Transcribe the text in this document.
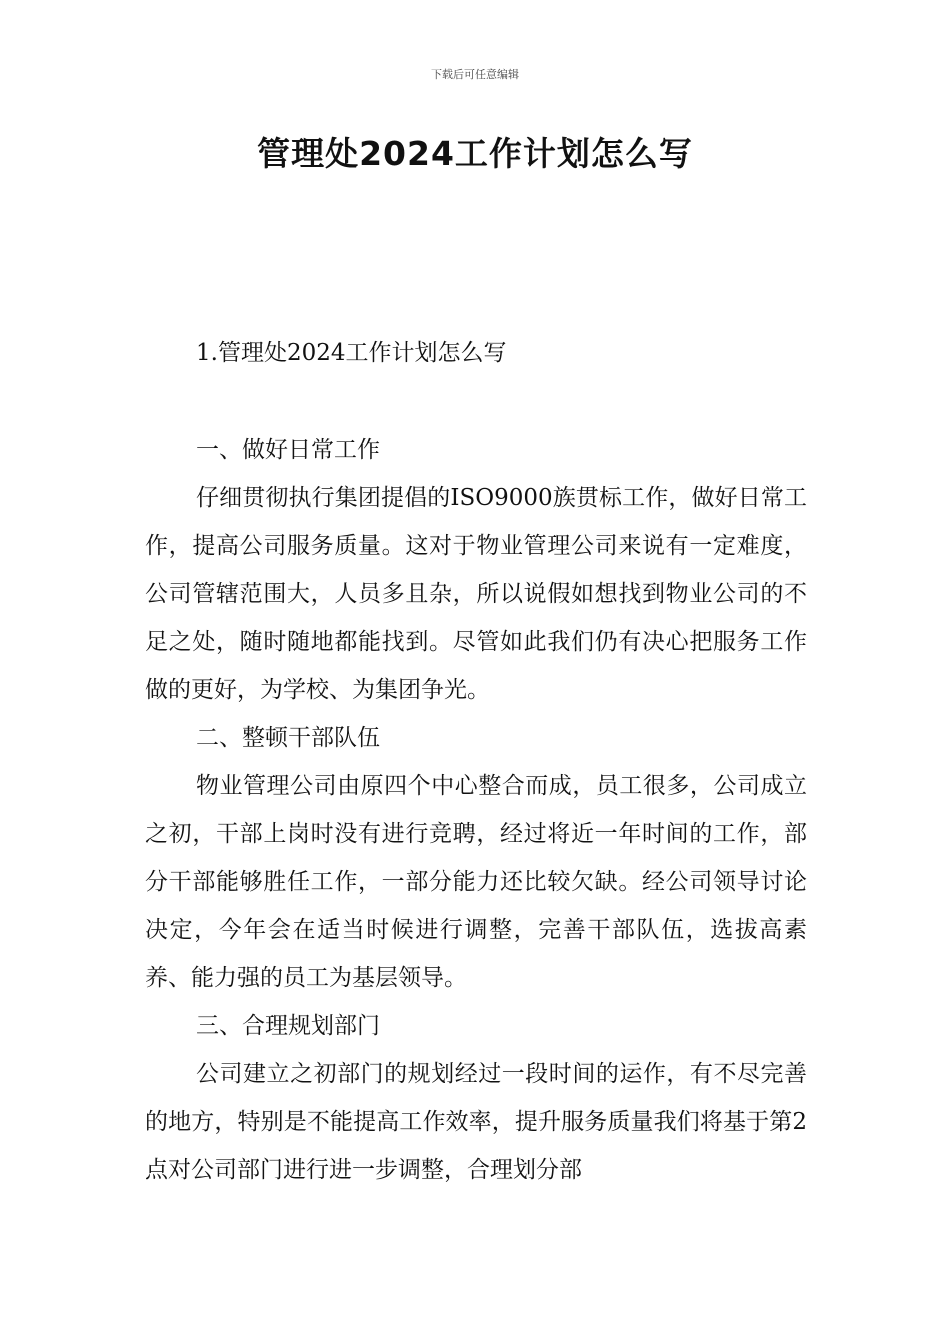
下载后可任意编辑
管理处2024工作计划怎么写
1.管理处2024工作计划怎么写

一、做好日常工作

仔细贯彻执行集团提倡的ISO9000族贯标工作，做好日常工作，提高公司服务质量。这对于物业管理公司来说有一定难度，公司管辖范围大，人员多且杂，所以说假如想找到物业公司的不足之处，随时随地都能找到。尽管如此我们仍有决心把服务工作做的更好，为学校、为集团争光。

二、整顿干部队伍

物业管理公司由原四个中心整合而成，员工很多，公司成立之初，干部上岗时没有进行竞聘，经过将近一年时间的工作，部分干部能够胜任工作，一部分能力还比较欠缺。经公司领导讨论决定，今年会在适当时候进行调整，完善干部队伍，选拔高素养、能力强的员工为基层领导。

三、合理规划部门

公司建立之初部门的规划经过一段时间的运作，有不尽完善的地方，特别是不能提高工作效率，提升服务质量我们将基于第2点对公司部门进行进一步调整，合理划分部
